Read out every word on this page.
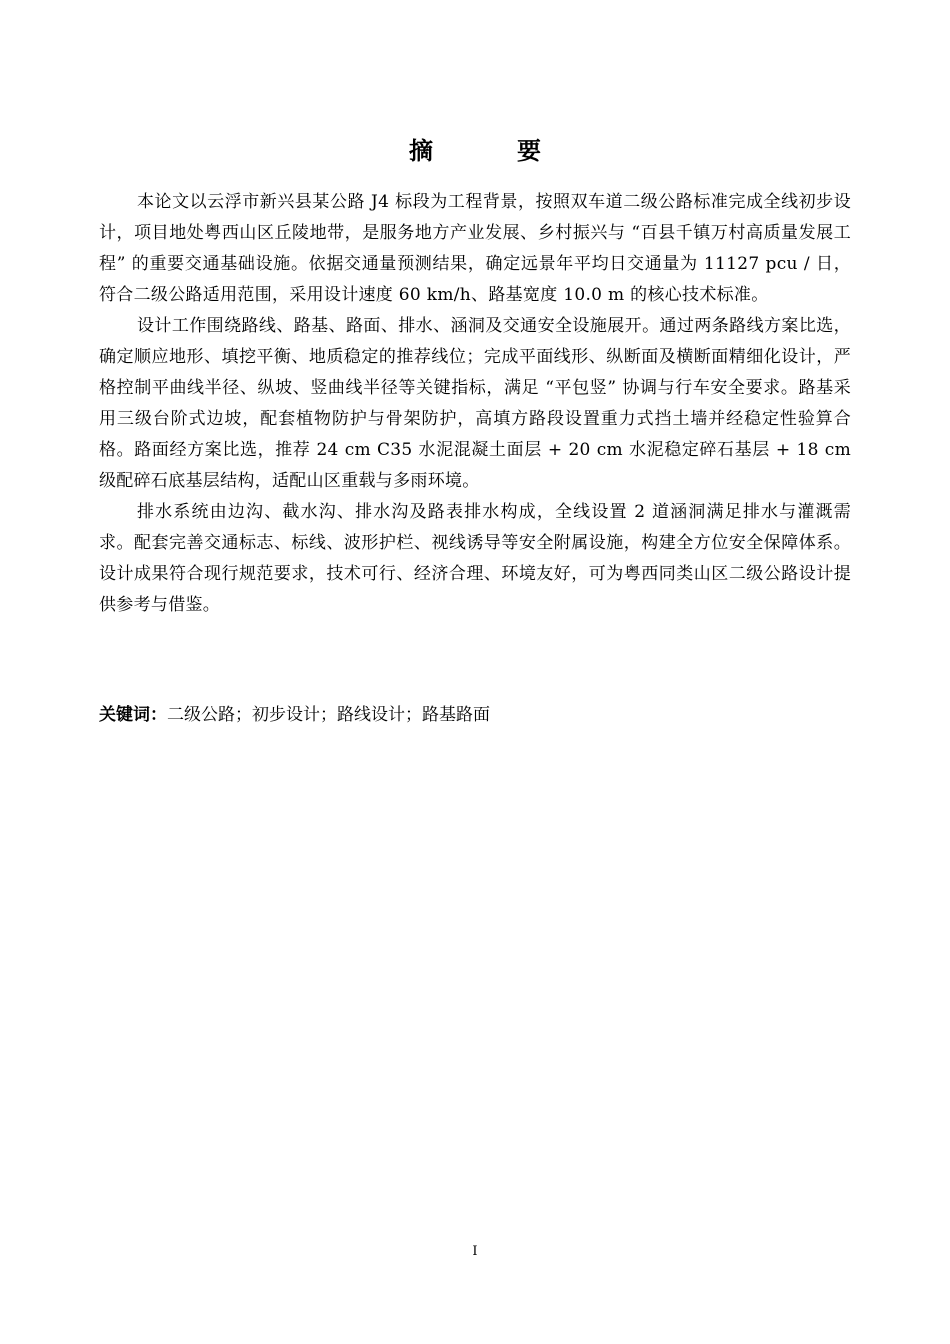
摘　要

本论文以云浮市新兴县某公路 J4 标段为工程背景，按照双车道二级公路标准完成全线初步设计，项目地处粤西山区丘陵地带，是服务地方产业发展、乡村振兴与 “百县千镇万村高质量发展工程” 的重要交通基础设施。依据交通量预测结果，确定远景年平均日交通量为 11127 pcu / 日，符合二级公路适用范围，采用设计速度 60 km/h、路基宽度 10.0 m 的核心技术标准。

设计工作围绕路线、路基、路面、排水、涵洞及交通安全设施展开。通过两条路线方案比选，确定顺应地形、填挖平衡、地质稳定的推荐线位；完成平面线形、纵断面及横断面精细化设计，严格控制平曲线半径、纵坡、竖曲线半径等关键指标，满足 “平包竖” 协调与行车安全要求。路基采用三级台阶式边坡，配套植物防护与骨架防护，高填方路段设置重力式挡土墙并经稳定性验算合格。路面经方案比选，推荐 24 cm C35 水泥混凝土面层 + 20 cm 水泥稳定碎石基层 + 18 cm 级配碎石底基层结构，适配山区重载与多雨环境。

排水系统由边沟、截水沟、排水沟及路表排水构成，全线设置 2 道涵洞满足排水与灌溉需求。配套完善交通标志、标线、波形护栏、视线诱导等安全附属设施，构建全方位安全保障体系。设计成果符合现行规范要求，技术可行、经济合理、环境友好，可为粤西同类山区二级公路设计提供参考与借鉴。

关键词：二级公路；初步设计；路线设计；路基路面
I
